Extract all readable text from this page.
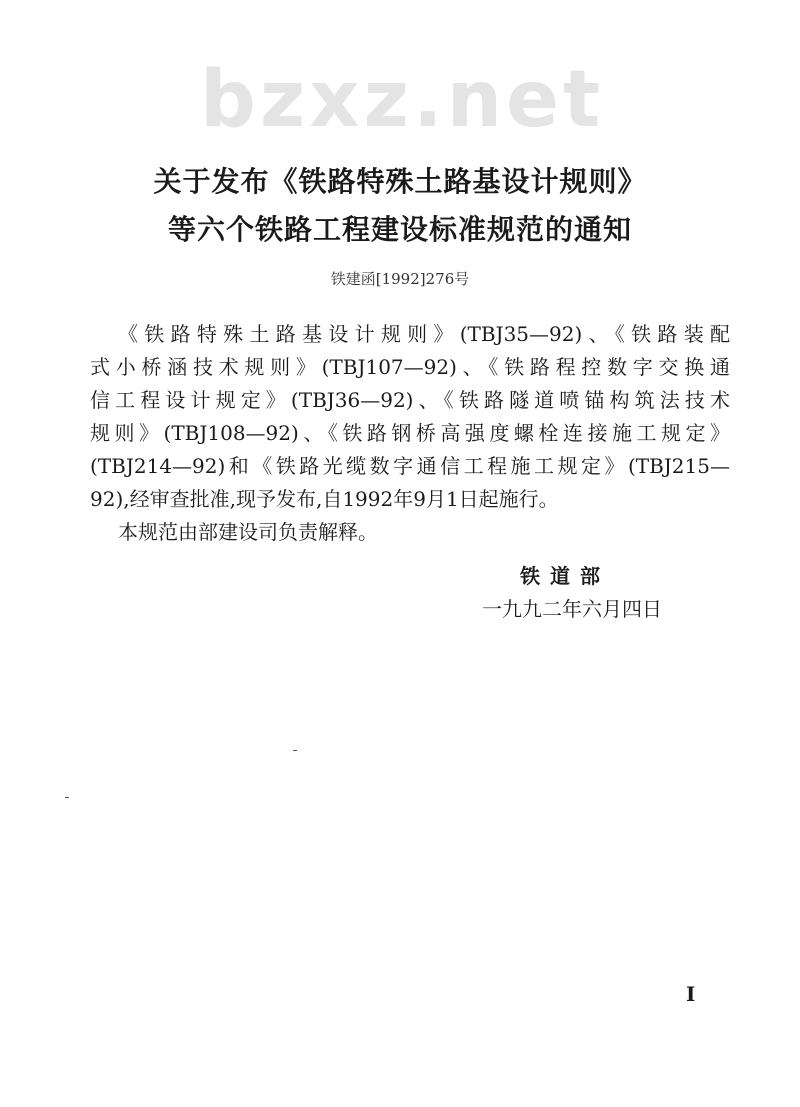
bzxz.net
关于发布《铁路特殊土路基设计规则》
等六个铁路工程建设标准规范的通知
铁建函[1992]276号
《铁路特殊土路基设计规则》(TBJ35—92)、《铁路装配
式小桥涵技术规则》(TBJ107—92)、《铁路程控数字交换通
信工程设计规定》(TBJ36—92)、《铁路隧道喷锚构筑法技术
规则》(TBJ108—92)、《铁路钢桥高强度螺栓连接施工规定》
(TBJ214—92)和《铁路光缆数字通信工程施工规定》(TBJ215—
92),经审查批准,现予发布,自1992年9月1日起施行。
本规范由部建设司负责解释。
铁道部
一九九二年六月四日
I
